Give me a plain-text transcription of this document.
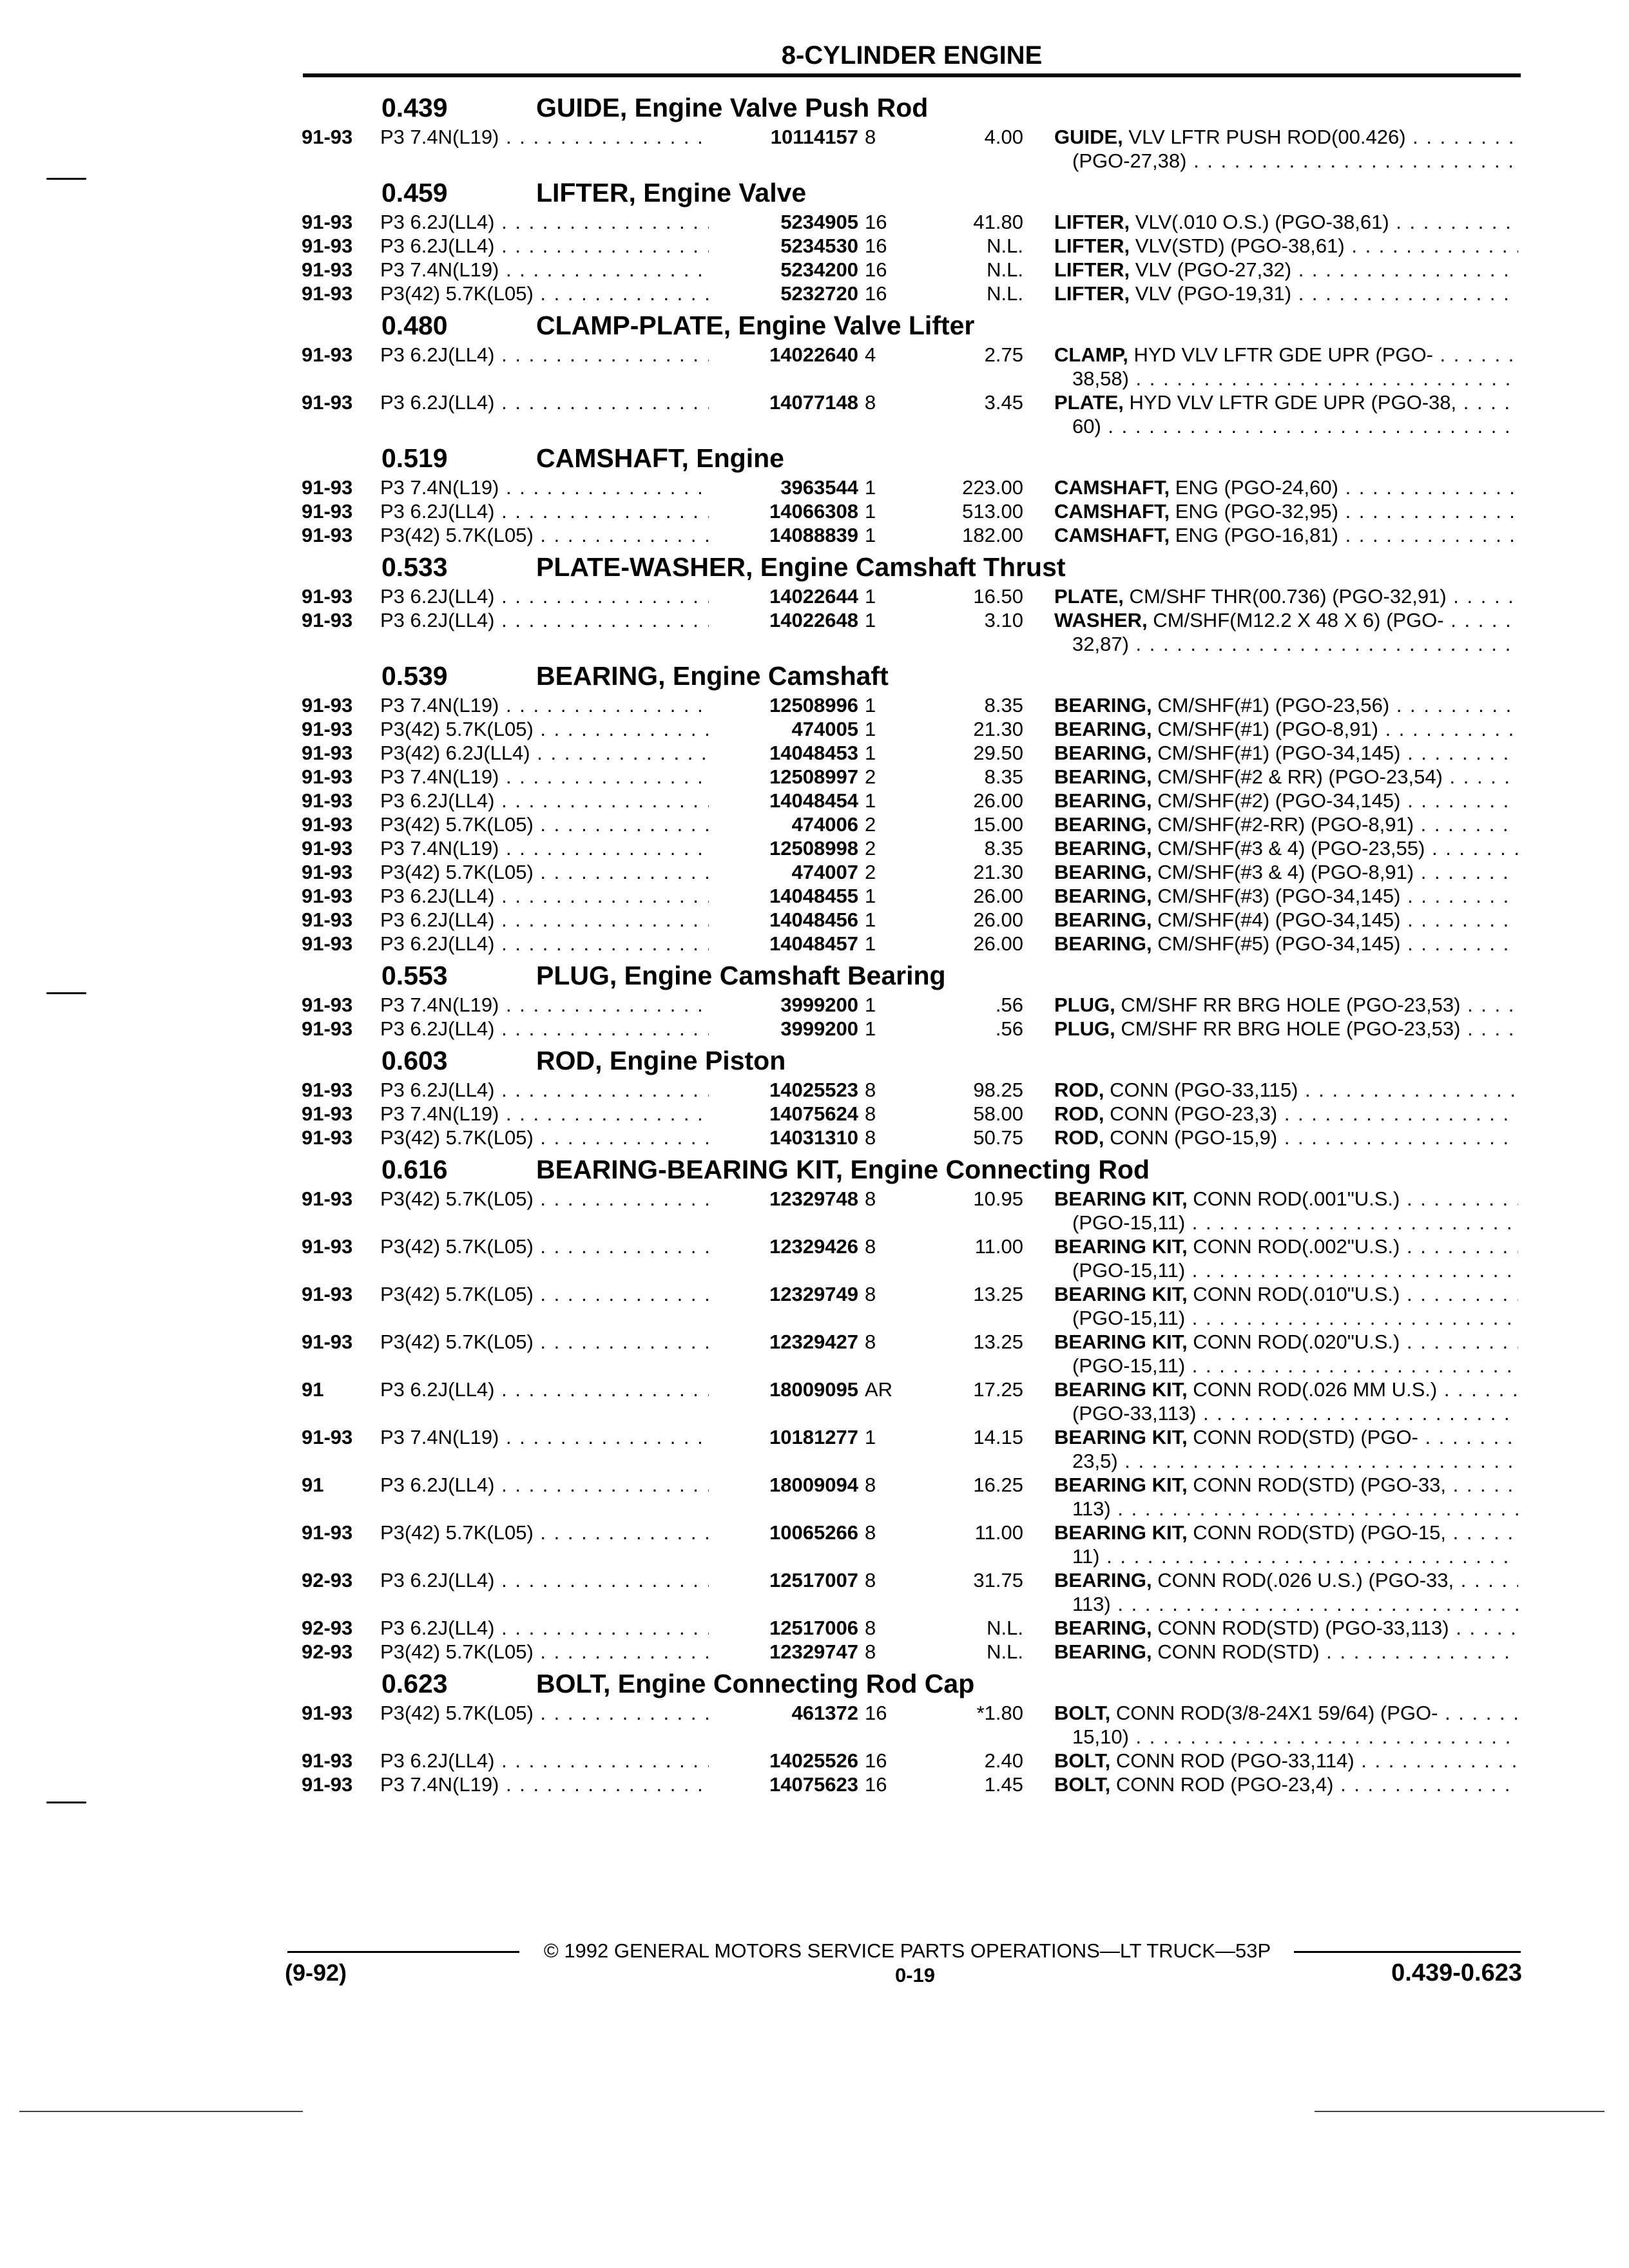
8-CYLINDER ENGINE
0.439	GUIDE, Engine Valve Push Rod
91-93 P3 7.4N(L19) . . .	10114157 8	4.00 GUIDE, VLV LFTR PUSH ROD(00.426) . . .
(PGO-27,38) . . .
0.459	LIFTER, Engine Valve
91-93 P3 6.2J(LL4) . . .	5234905 16	41.80 LIFTER, VLV(.010 O.S.) (PGO-38,61) . . .
91-93 P3 6.2J(LL4) . . .	5234530 16	N.L. LIFTER, VLV(STD) (PGO-38,61) . . .
91-93 P3 7.4N(L19) . . .	5234200 16	N.L. LIFTER, VLV (PGO-27,32) . . .
91-93 P3(42) 5.7K(L05) . . .	5232720 16	N.L. LIFTER, VLV (PGO-19,31) . . .
0.480	CLAMP-PLATE, Engine Valve Lifter
91-93 P3 6.2J(LL4) . . .	14022640 4	2.75 CLAMP, HYD VLV LFTR GDE UPR (PGO- . . .
38,58) . . .
91-93 P3 6.2J(LL4) . . .	14077148 8	3.45 PLATE, HYD VLV LFTR GDE UPR (PGO-38, . . .
60) . . .
0.519	CAMSHAFT, Engine
91-93 P3 7.4N(L19) . . .	3963544 1	223.00 CAMSHAFT, ENG (PGO-24,60) . . .
91-93 P3 6.2J(LL4) . . .	14066308 1	513.00 CAMSHAFT, ENG (PGO-32,95) . . .
91-93 P3(42) 5.7K(L05) . . .	14088839 1	182.00 CAMSHAFT, ENG (PGO-16,81) . . .
0.533	PLATE-WASHER, Engine Camshaft Thrust
91-93 P3 6.2J(LL4) . . .	14022644 1	16.50 PLATE, CM/SHF THR(00.736) (PGO-32,91) . . .
91-93 P3 6.2J(LL4) . . .	14022648 1	3.10 WASHER, CM/SHF(M12.2 X 48 X 6) (PGO- . . .
32,87) . . .
0.539	BEARING, Engine Camshaft
91-93 P3 7.4N(L19) . . .	12508996 1	8.35 BEARING, CM/SHF(#1) (PGO-23,56) . . .
91-93 P3(42) 5.7K(L05) . . .	474005 1	21.30 BEARING, CM/SHF(#1) (PGO-8,91) . . .
91-93 P3(42) 6.2J(LL4) . . .	14048453 1	29.50 BEARING, CM/SHF(#1) (PGO-34,145) . . .
91-93 P3 7.4N(L19) . . .	12508997 2	8.35 BEARING, CM/SHF(#2 & RR) (PGO-23,54) . . .
91-93 P3 6.2J(LL4) . . .	14048454 1	26.00 BEARING, CM/SHF(#2) (PGO-34,145) . . .
91-93 P3(42) 5.7K(L05) . . .	474006 2	15.00 BEARING, CM/SHF(#2-RR) (PGO-8,91) . . .
91-93 P3 7.4N(L19) . . .	12508998 2	8.35 BEARING, CM/SHF(#3 & 4) (PGO-23,55) . . .
91-93 P3(42) 5.7K(L05) . . .	474007 2	21.30 BEARING, CM/SHF(#3 & 4) (PGO-8,91) . . .
91-93 P3 6.2J(LL4) . . .	14048455 1	26.00 BEARING, CM/SHF(#3) (PGO-34,145) . . .
91-93 P3 6.2J(LL4) . . .	14048456 1	26.00 BEARING, CM/SHF(#4) (PGO-34,145) . . .
91-93 P3 6.2J(LL4) . . .	14048457 1	26.00 BEARING, CM/SHF(#5) (PGO-34,145) . . .
0.553	PLUG, Engine Camshaft Bearing
91-93 P3 7.4N(L19) . . .	3999200 1	.56 PLUG, CM/SHF RR BRG HOLE (PGO-23,53) . . .
91-93 P3 6.2J(LL4) . . .	3999200 1	.56 PLUG, CM/SHF RR BRG HOLE (PGO-23,53) . . .
0.603	ROD, Engine Piston
91-93 P3 6.2J(LL4) . . .	14025523 8	98.25 ROD, CONN (PGO-33,115) . . .
91-93 P3 7.4N(L19) . . .	14075624 8	58.00 ROD, CONN (PGO-23,3) . . .
91-93 P3(42) 5.7K(L05) . . .	14031310 8	50.75 ROD, CONN (PGO-15,9) . . .
0.616	BEARING-BEARING KIT, Engine Connecting Rod
91-93 P3(42) 5.7K(L05) . . .	12329748 8	10.95 BEARING KIT, CONN ROD(.001"U.S.) . . .
(PGO-15,11) . . .
91-93 P3(42) 5.7K(L05) . . .	12329426 8	11.00 BEARING KIT, CONN ROD(.002"U.S.) . . .
(PGO-15,11) . . .
91-93 P3(42) 5.7K(L05) . . .	12329749 8	13.25 BEARING KIT, CONN ROD(.010"U.S.) . . .
(PGO-15,11) . . .
91-93 P3(42) 5.7K(L05) . . .	12329427 8	13.25 BEARING KIT, CONN ROD(.020"U.S.) . . .
(PGO-15,11) . . .
91	P3 6.2J(LL4) . . .	18009095 AR	17.25 BEARING KIT, CONN ROD(.026 MM U.S.) . . .
(PGO-33,113) . . .
91-93 P3 7.4N(L19) . . .	10181277 1	14.15 BEARING KIT, CONN ROD(STD) (PGO- . . .
23,5) . . .
91	P3 6.2J(LL4) . . .	18009094 8	16.25 BEARING KIT, CONN ROD(STD) (PGO-33, . . .
113) . . .
91-93 P3(42) 5.7K(L05) . . .	10065266 8	11.00 BEARING KIT, CONN ROD(STD) (PGO-15, . . .
11) . . .
92-93 P3 6.2J(LL4) . . .	12517007 8	31.75 BEARING, CONN ROD(.026 U.S.) (PGO-33, . . .
113) . . .
92-93 P3 6.2J(LL4) . . .	12517006 8	N.L. BEARING, CONN ROD(STD) (PGO-33,113) . . .
92-93 P3(42) 5.7K(L05) . . .	12329747 8	N.L. BEARING, CONN ROD(STD) . . .
0.623	BOLT, Engine Connecting Rod Cap
91-93 P3(42) 5.7K(L05) . . .	461372 16	*1.80 BOLT, CONN ROD(3/8-24X1 59/64) (PGO- . . .
15,10) . . .
91-93 P3 6.2J(LL4) . . .	14025526 16	2.40 BOLT, CONN ROD (PGO-33,114) . . .
91-93 P3 7.4N(L19) . . .	14075623 16	1.45 BOLT, CONN ROD (PGO-23,4) . . .
© 1992 GENERAL MOTORS SERVICE PARTS OPERATIONS—LT TRUCK—53P
(9-92)	0-19	0.439-0.623
